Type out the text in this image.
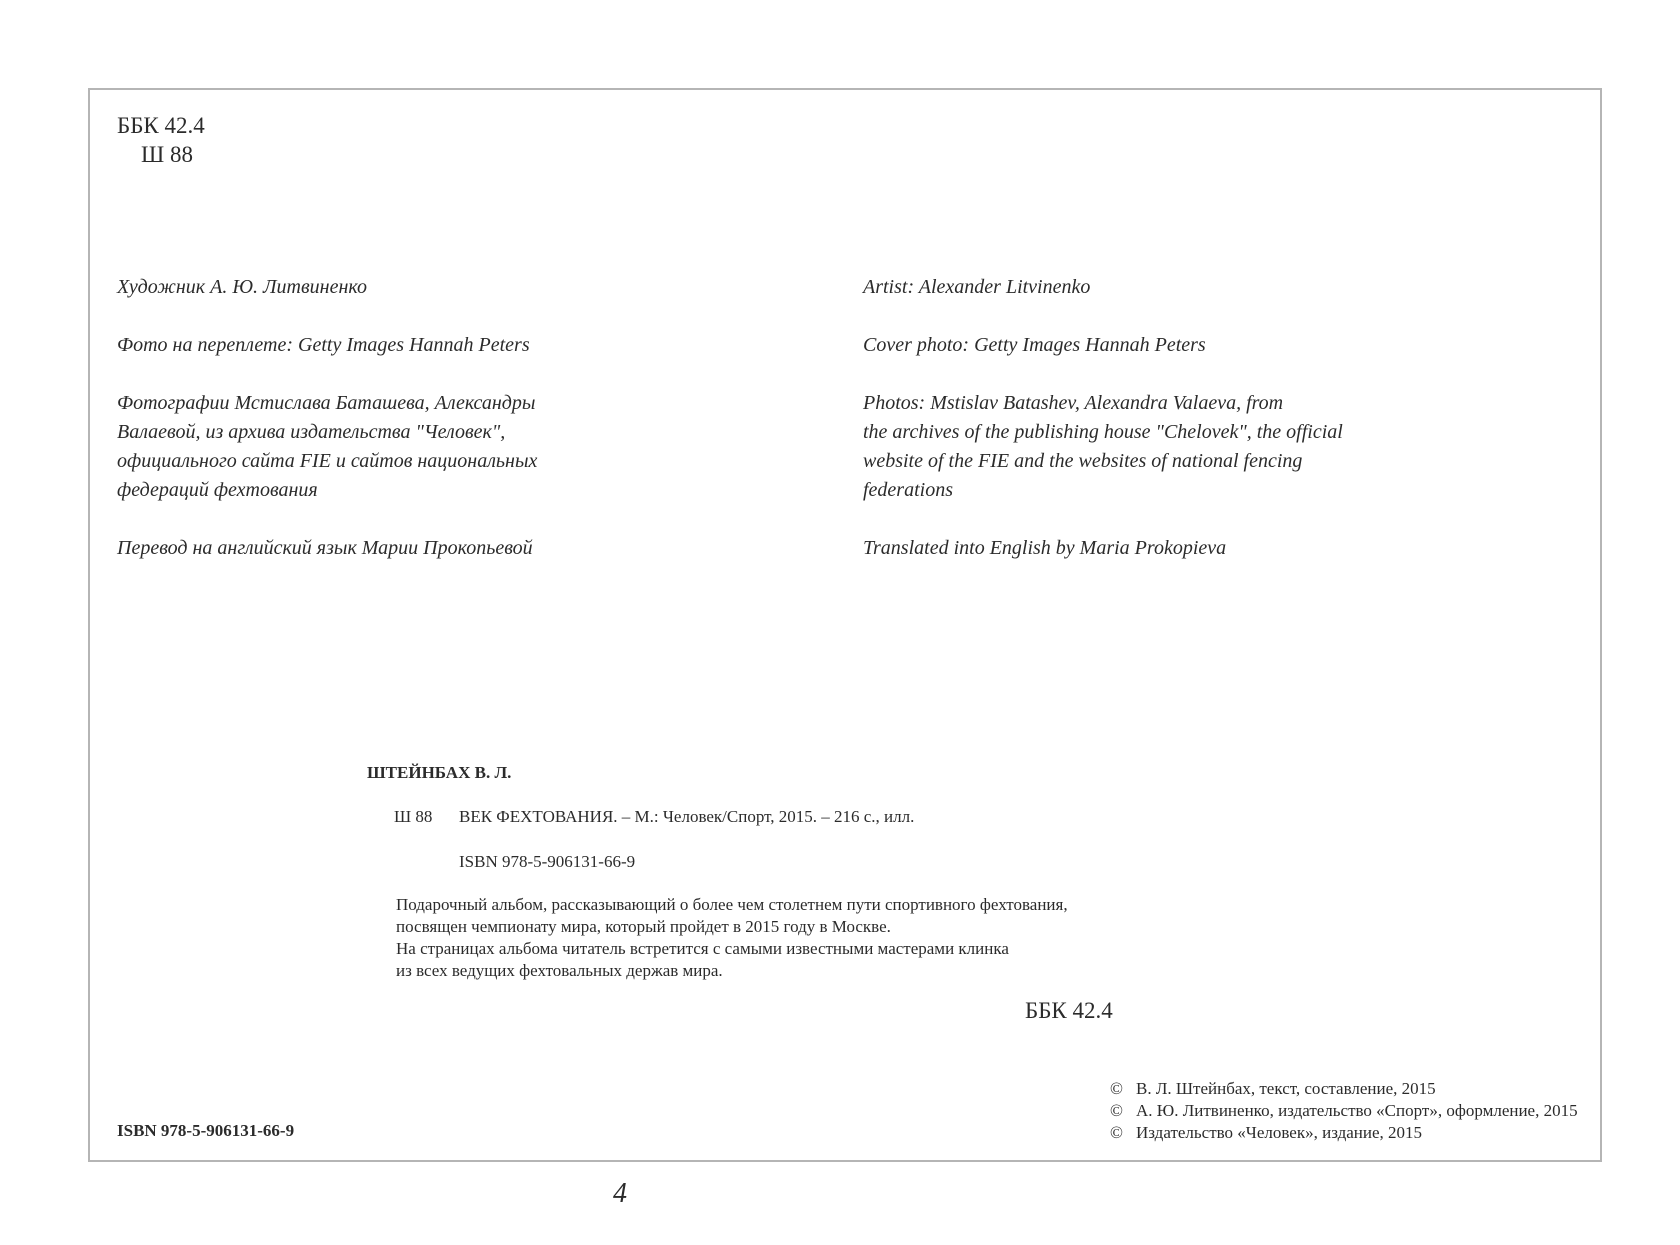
ББК 42.4
Ш 88
Художник А. Ю. Литвиненко
Фото на переплете: Getty Images Hannah Peters
Фотографии Мстислава Баташева, Александры
Валаевой, из архива издательства "Человек",
официального сайта FIE и сайтов национальных
федераций фехтования
Перевод на английский язык Марии Прокопьевой
Artist: Alexander Litvinenko
Cover photo: Getty Images Hannah Peters
Photos: Mstislav Batashev, Alexandra Valaeva, from
the archives of the publishing house "Chelovek", the official
website of the FIE and the websites of national fencing
federations
Translated into English by Maria Prokopieva
ШТЕЙНБАХ В. Л.
Ш 88 ВЕК ФЕХТОВАНИЯ. – М.: Человек/Спорт, 2015. – 216 с., илл.
ISBN 978-5-906131-66-9
Подарочный альбом, рассказывающий о более чем столетнем пути спортивного фехтования,
посвящен чемпионату мира, который пройдет в 2015 году в Москве.
На страницах альбома читатель встретится с самыми известными мастерами клинка
из всех ведущих фехтовальных держав мира.
ББК 42.4
ISBN 978-5-906131-66-9
© В. Л. Штейнбах, текст, составление, 2015
© А. Ю. Литвиненко, издательство «Спорт», оформление, 2015
© Издательство «Человек», издание, 2015
4
